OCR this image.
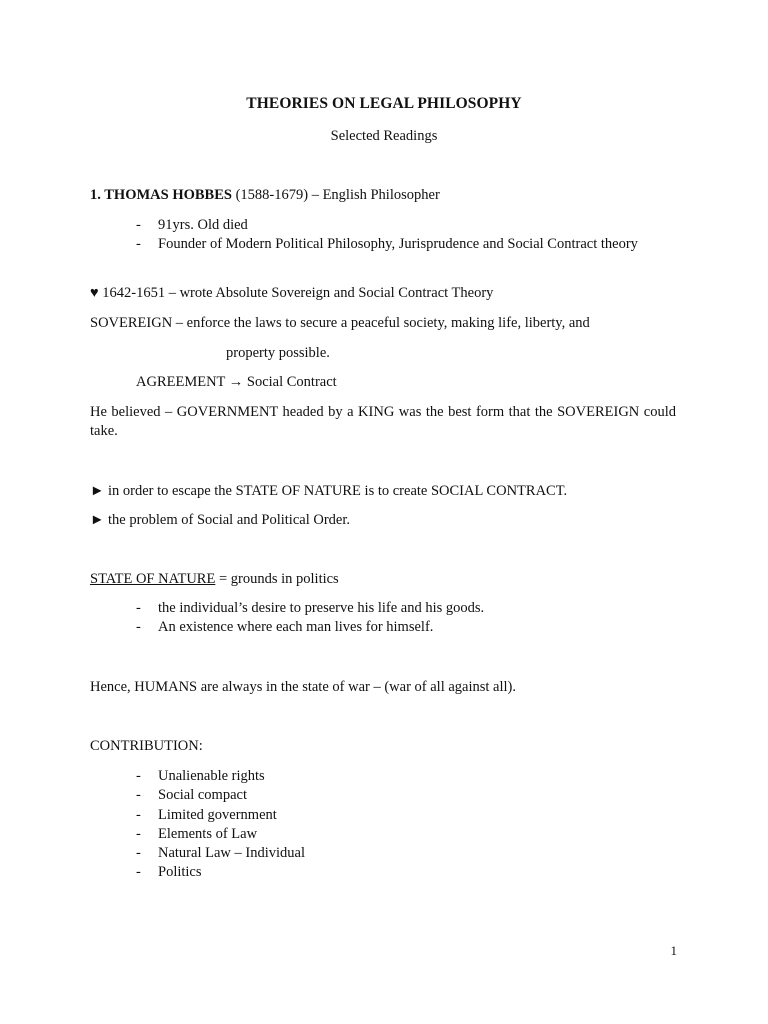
THEORIES ON LEGAL PHILOSOPHY
Selected Readings
1. THOMAS HOBBES (1588-1679) – English Philosopher
- 91yrs. Old died
- Founder of Modern Political Philosophy, Jurisprudence and Social Contract theory
♥ 1642-1651 – wrote Absolute Sovereign and Social Contract Theory
SOVEREIGN – enforce the laws to secure a peaceful society, making life, liberty, and
property possible.
AGREEMENT → Social Contract
He believed – GOVERNMENT headed by a KING was the best form that the SOVEREIGN could take.
► in order to escape the STATE OF NATURE is to create SOCIAL CONTRACT.
► the problem of Social and Political Order.
STATE OF NATURE = grounds in politics
- the individual’s desire to preserve his life and his goods.
- An existence where each man lives for himself.
Hence, HUMANS are always in the state of war – (war of all against all).
CONTRIBUTION:
- Unalienable rights
- Social compact
- Limited government
- Elements of Law
- Natural Law – Individual
- Politics
1
